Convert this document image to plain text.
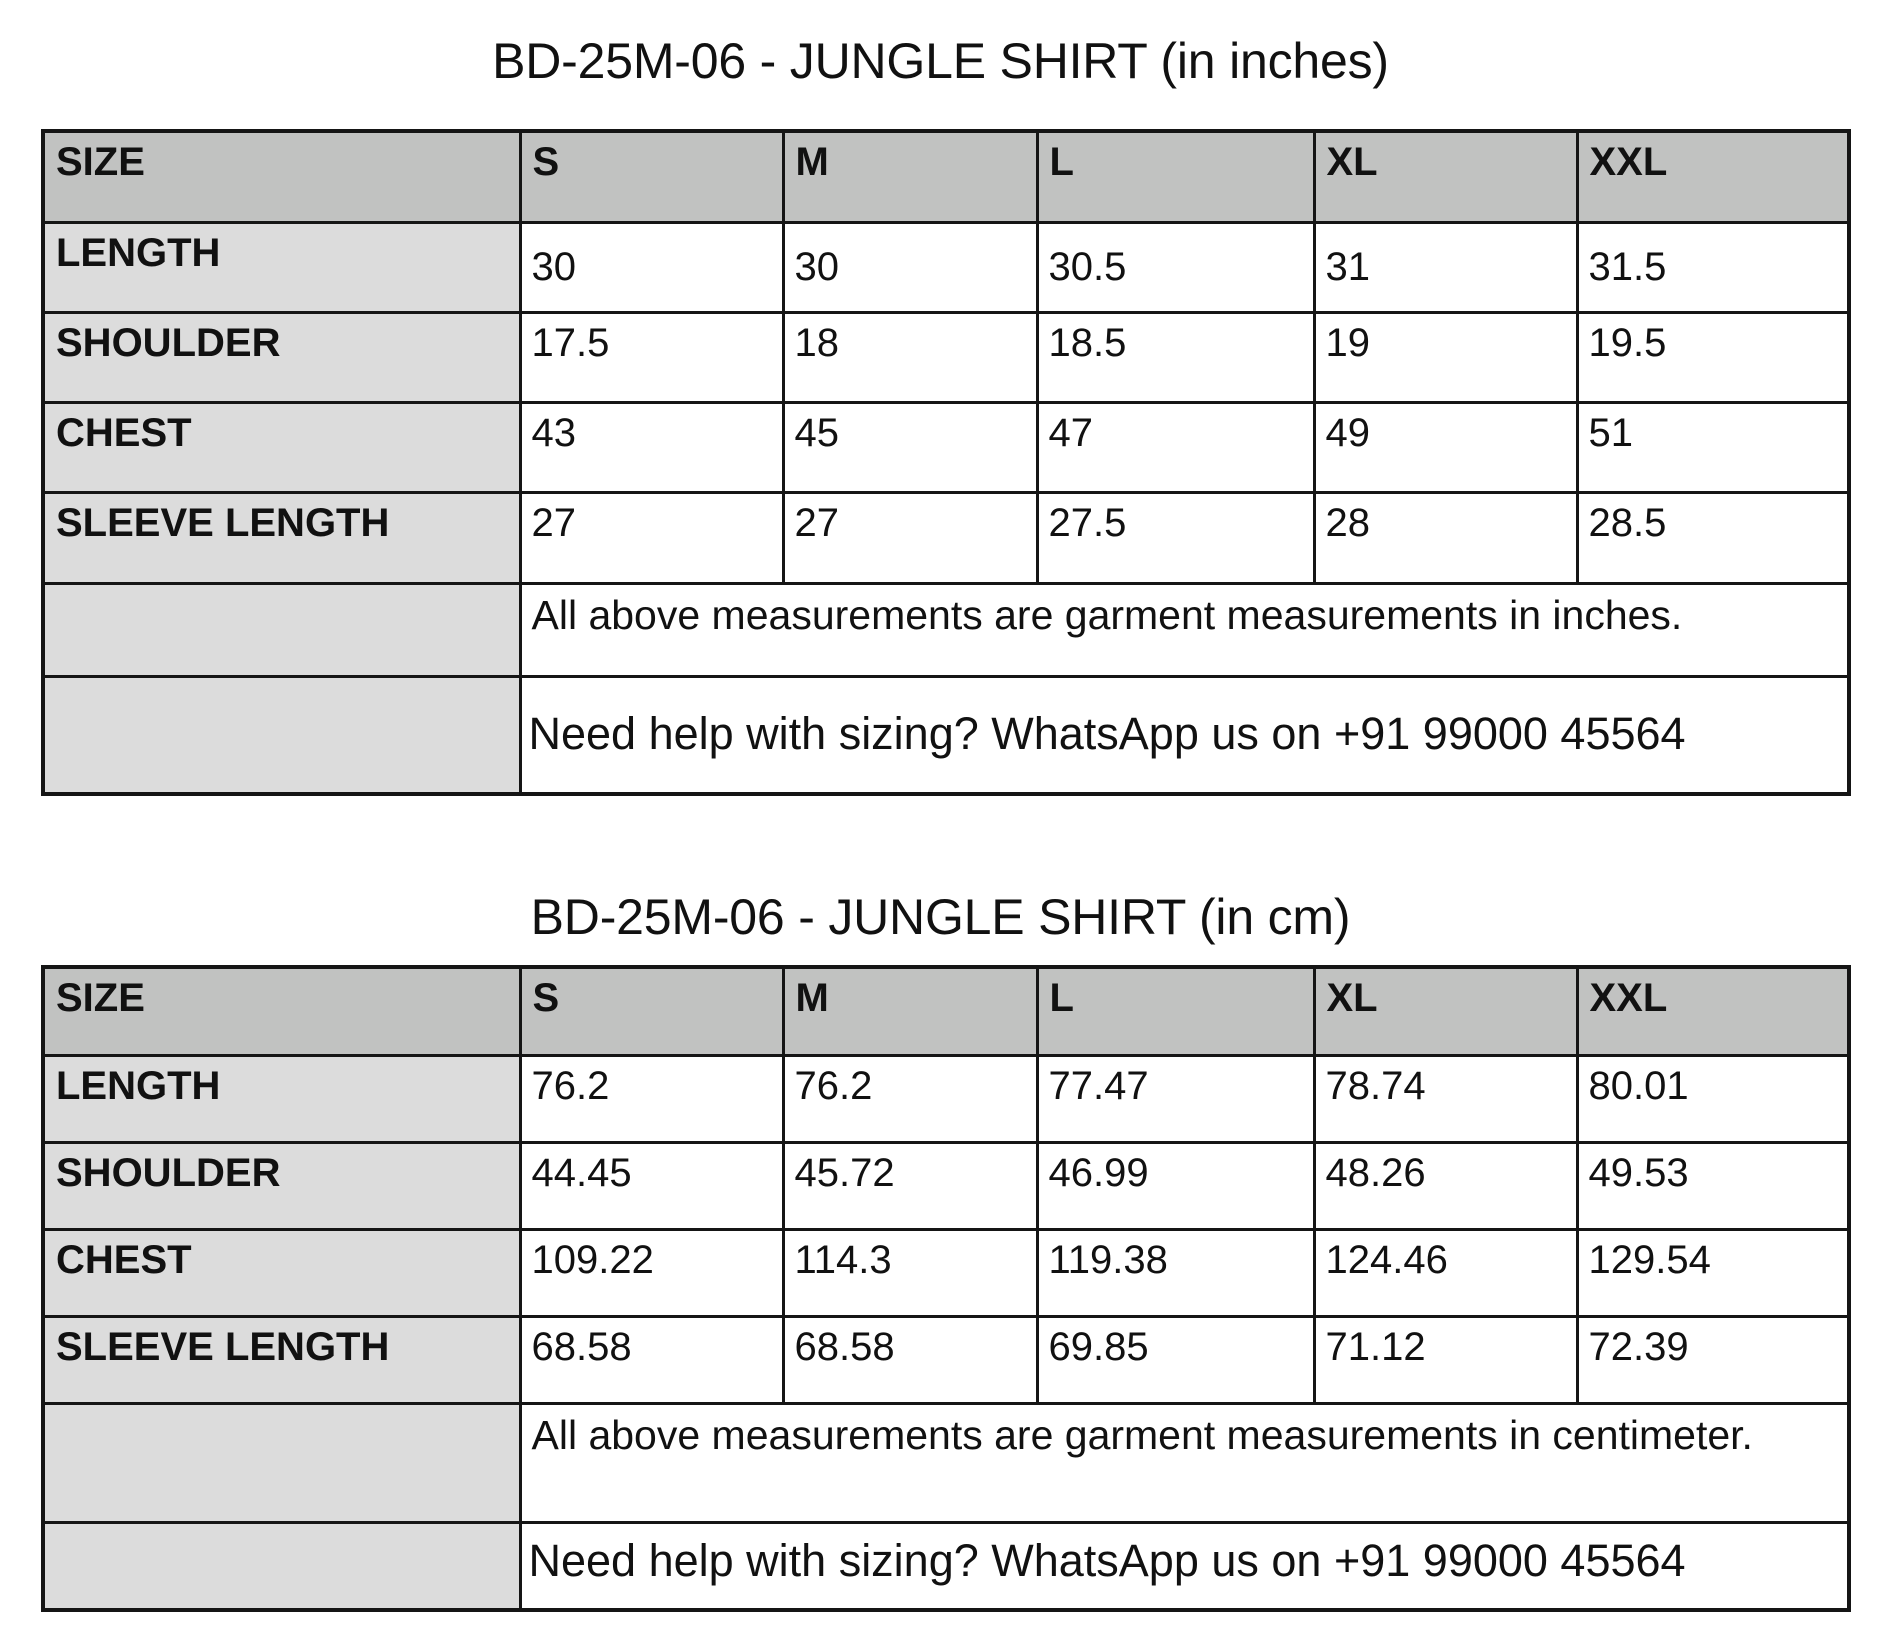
BD-25M-06 - JUNGLE SHIRT (in inches)
SIZE	S	M	L	XL	XXL
LENGTH	30	30	30.5	31	31.5
SHOULDER	17.5	18	18.5	19	19.5
CHEST	43	45	47	49	51
SLEEVE LENGTH	27	27	27.5	28	28.5
	All above measurements are garment measurements in inches.				
	Need help with sizing? WhatsApp us on +91 99000 45564				
BD-25M-06 - JUNGLE SHIRT (in cm)
SIZE	S	M	L	XL	XXL
LENGTH	76.2	76.2	77.47	78.74	80.01
SHOULDER	44.45	45.72	46.99	48.26	49.53
CHEST	109.22	114.3	119.38	124.46	129.54
SLEEVE LENGTH	68.58	68.58	69.85	71.12	72.39
	All above measurements are garment measurements in centimeter.				
	Need help with sizing? WhatsApp us on +91 99000 45564				
